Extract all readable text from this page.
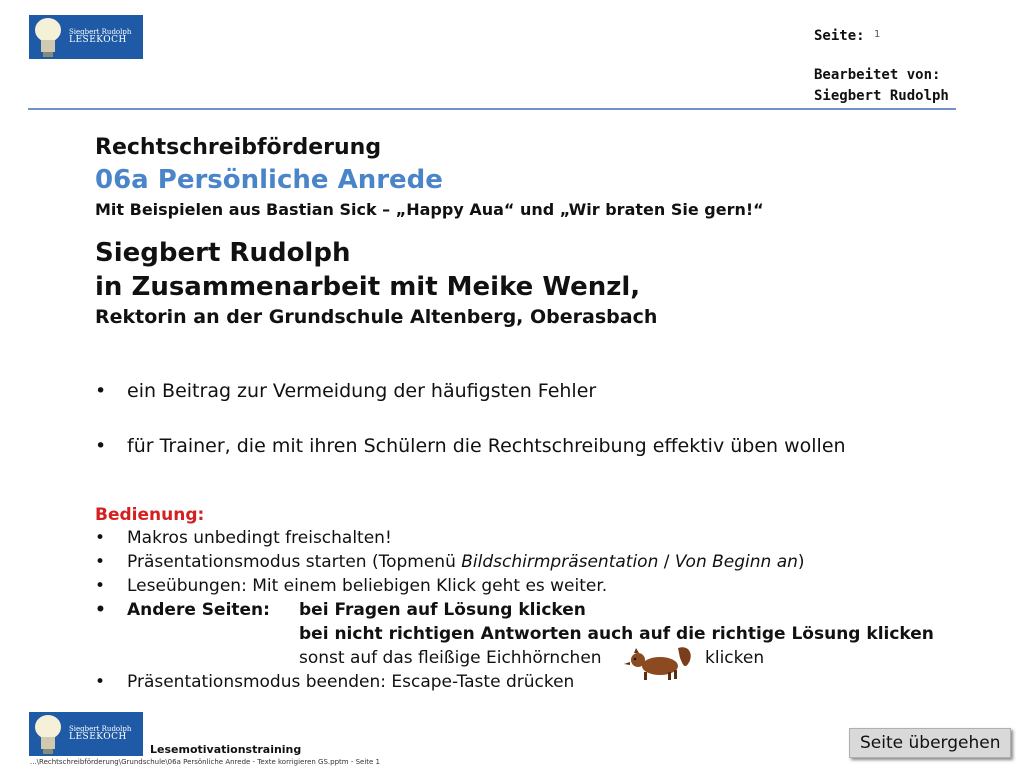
Siegbert Rudolph
LESEKOCH	Seite: 1
Bearbeitet von:
Siegbert Rudolph
Rechtschreibförderung
06a Persönliche Anrede
Mit Beispielen aus Bastian Sick – „Happy Aua“ und „Wir braten Sie gern!“
Siegbert Rudolph
in Zusammenarbeit mit Meike Wenzl,
Rektorin an der Grundschule Altenberg, Oberasbach
• ein Beitrag zur Vermeidung der häufigsten Fehler
• für Trainer, die mit ihren Schülern die Rechtschreibung effektiv üben wollen
Bedienung:
• Makros unbedingt freischalten!
• Präsentationsmodus starten (Topmenü Bildschirmpräsentation / Von Beginn an)
• Leseübungen: Mit einem beliebigen Klick geht es weiter.
• Andere Seiten: bei Fragen auf Lösung klicken
bei nicht richtigen Antworten auch auf die richtige Lösung klicken
sonst auf das fleißige Eichhörnchen	klicken
• Präsentationsmodus beenden: Escape-Taste drücken
Siegbert Rudolph
LESEKOCH
Lesemotivationstraining
...\Rechtschreibförderung\Grundschule\06a Persönliche Anrede - Texte korrigieren GS.pptm - Seite 1
Seite übergehen
